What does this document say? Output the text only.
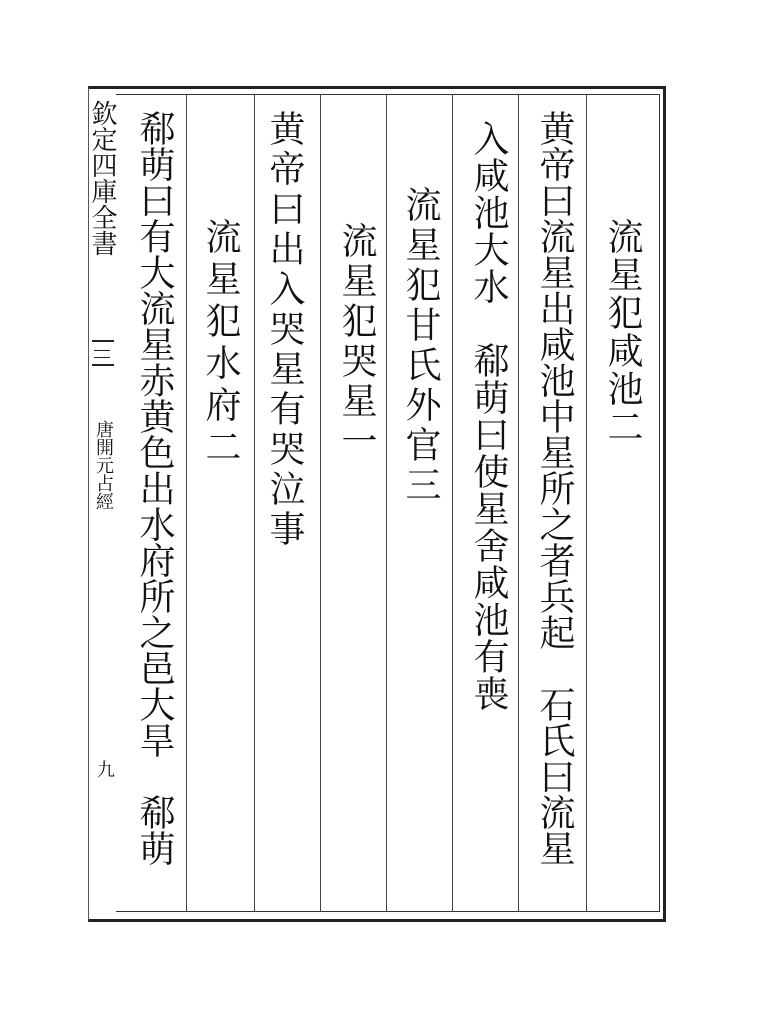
欽定四庫全書
唐開元占經
九
流星犯咸池二
黄帝曰流星出咸池中星所之者兵起　石氏曰流星
入咸池大水　郗萌曰使星舍咸池有喪
流星犯甘氏外官三
流星犯哭星一
黄帝曰出入哭星有哭泣事
流星犯水府二
郗萌曰有大流星赤黄色出水府所之邑大旱　郗萌
